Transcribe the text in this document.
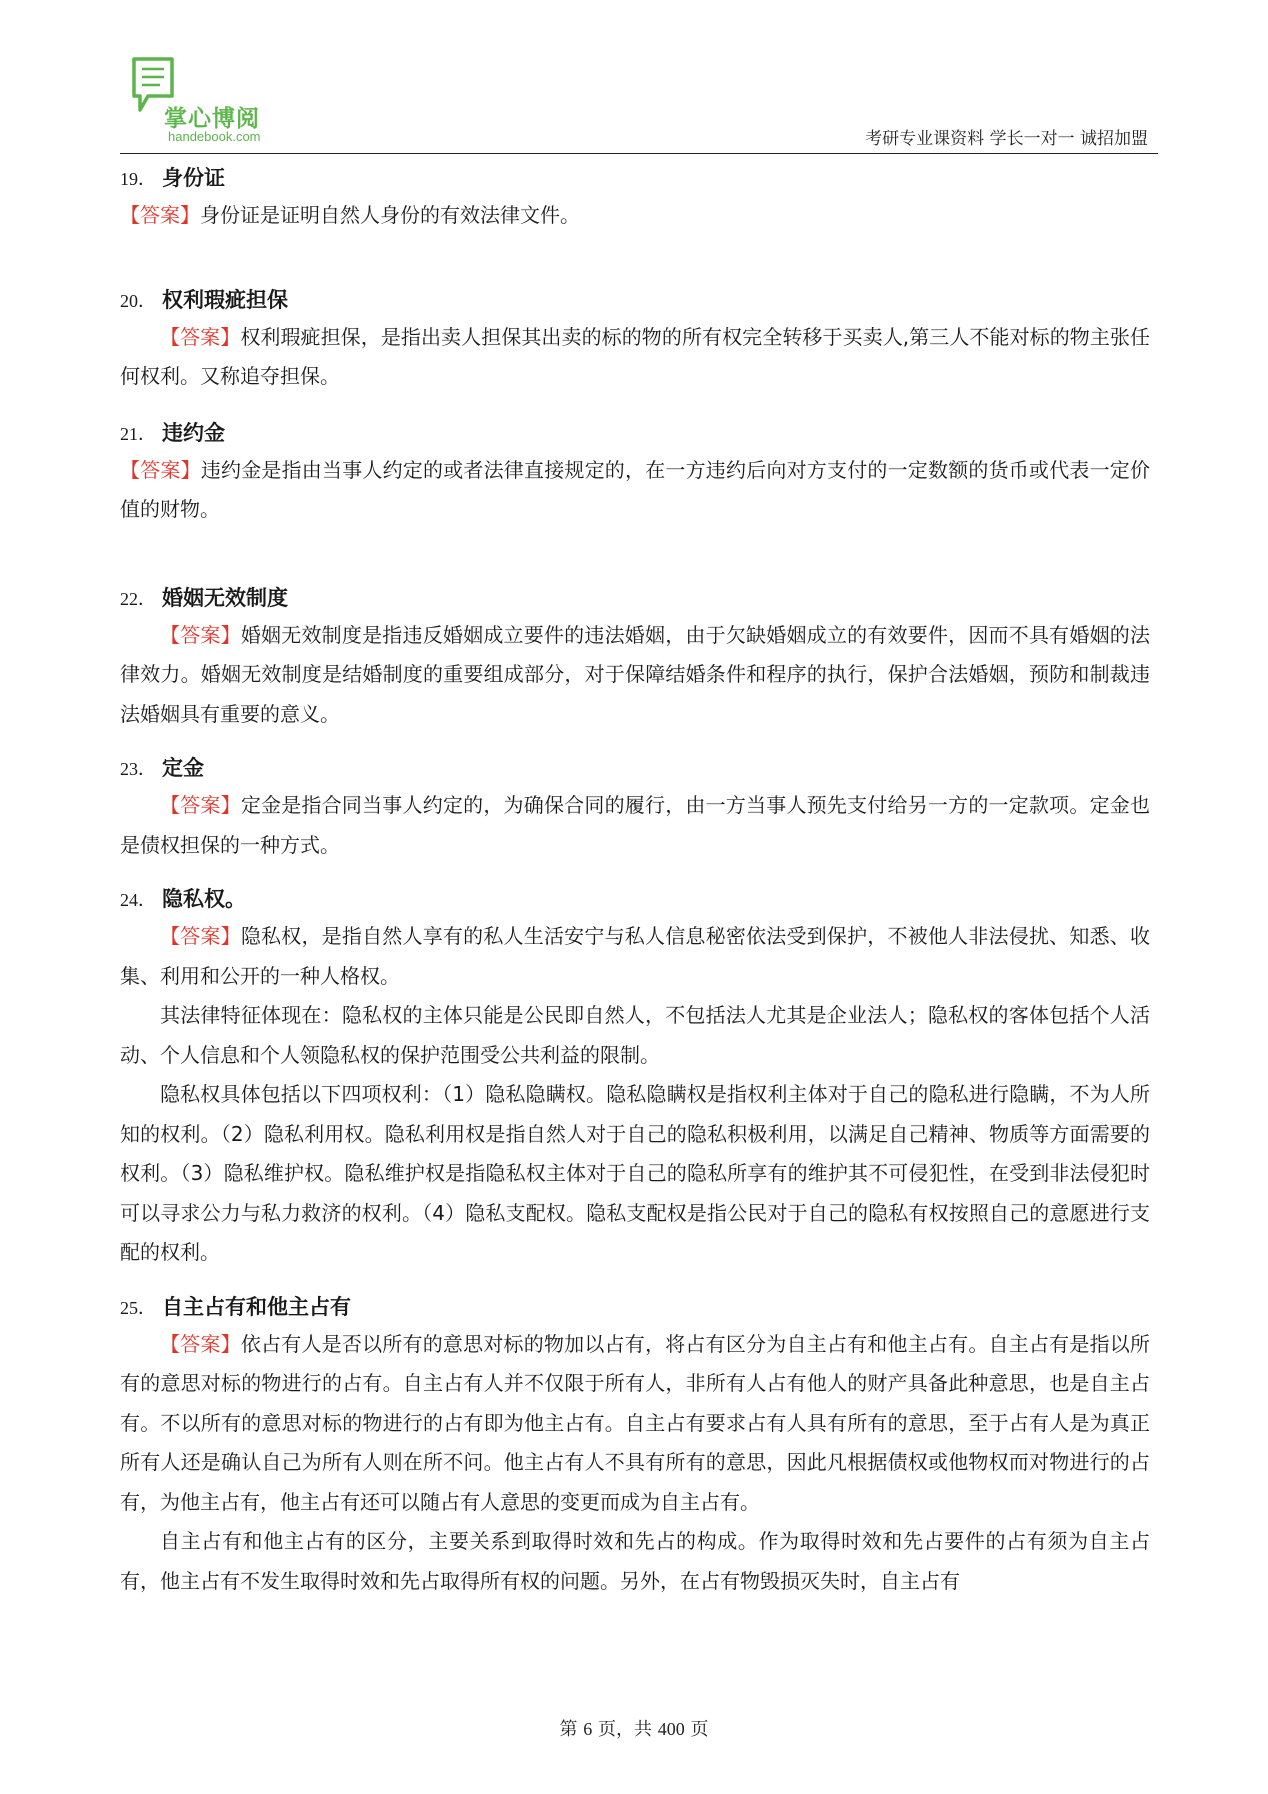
掌心博阅
handebook.com	考研专业课资料 学长一对一 诚招加盟
19． 身份证

【答案】身份证是证明自然人身份的有效法律文件。

20． 权利瑕疵担保

【答案】权利瑕疵担保，是指出卖人担保其出卖的标的物的所有权完全转移于买卖人,第三人不能对标的物主张任何权利。又称追夺担保。

21． 违约金

【答案】违约金是指由当事人约定的或者法律直接规定的，在一方违约后向对方支付的一定数额的货币或代表一定价值的财物。

22． 婚姻无效制度

【答案】婚姻无效制度是指违反婚姻成立要件的违法婚姻，由于欠缺婚姻成立的有效要件，因而不具有婚姻的法律效力。婚姻无效制度是结婚制度的重要组成部分，对于保障结婚条件和程序的执行，保护合法婚姻，预防和制裁违法婚姻具有重要的意义。

23． 定金

【答案】定金是指合同当事人约定的，为确保合同的履行，由一方当事人预先支付给另一方的一定款项。定金也是债权担保的一种方式。

24． 隐私权。

【答案】隐私权，是指自然人享有的私人生活安宁与私人信息秘密依法受到保护，不被他人非法侵扰、知悉、收集、利用和公开的一种人格权。

其法律特征体现在：隐私权的主体只能是公民即自然人，不包括法人尤其是企业法人；隐私权的客体包括个人活动、个人信息和个人领隐私权的保护范围受公共利益的限制。

隐私权具体包括以下四项权利：（1）隐私隐瞒权。隐私隐瞒权是指权利主体对于自己的隐私进行隐瞒，不为人所知的权利。（2）隐私利用权。隐私利用权是指自然人对于自己的隐私积极利用，以满足自己精神、物质等方面需要的权利。（3）隐私维护权。隐私维护权是指隐私权主体对于自己的隐私所享有的维护其不可侵犯性，在受到非法侵犯时可以寻求公力与私力救济的权利。（4）隐私支配权。隐私支配权是指公民对于自己的隐私有权按照自己的意愿进行支配的权利。

25． 自主占有和他主占有

【答案】依占有人是否以所有的意思对标的物加以占有，将占有区分为自主占有和他主占有。自主占有是指以所有的意思对标的物进行的占有。自主占有人并不仅限于所有人，非所有人占有他人的财产具备此种意思，也是自主占有。不以所有的意思对标的物进行的占有即为他主占有。自主占有要求占有人具有所有的意思，至于占有人是为真正所有人还是确认自己为所有人则在所不问。他主占有人不具有所有的意思，因此凡根据债权或他物权而对物进行的占有，为他主占有，他主占有还可以随占有人意思的变更而成为自主占有。

自主占有和他主占有的区分，主要关系到取得时效和先占的构成。作为取得时效和先占要件的占有须为自主占有，他主占有不发生取得时效和先占取得所有权的问题。另外，在占有物毁损灭失时，自主占有

第 6 页，共 400 页
